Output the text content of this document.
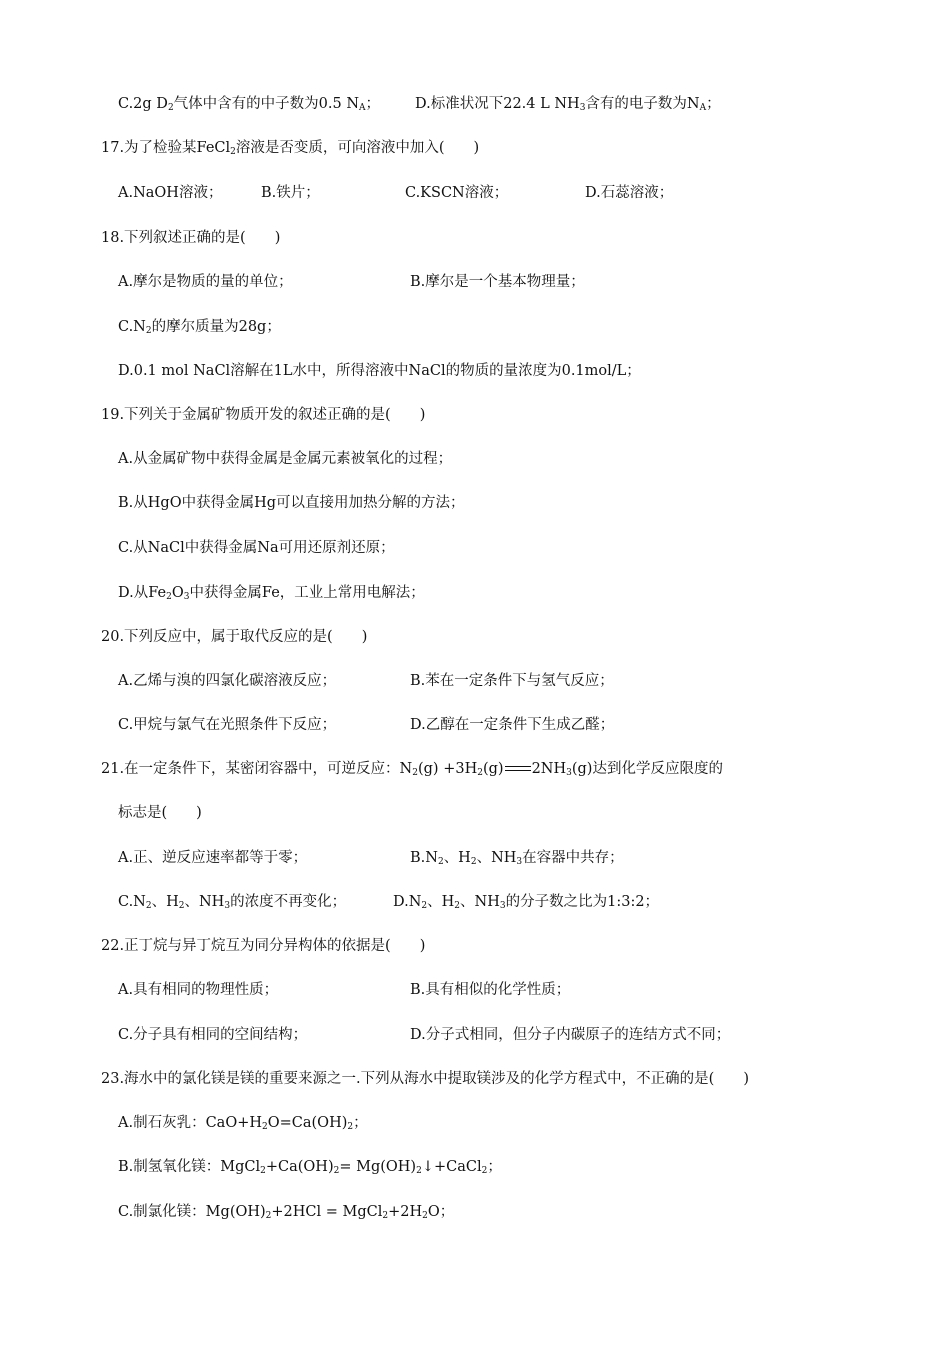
C.2g $D_2$气体中含有的中子数为0.5 $N_A$； D.标准状况下22.4 L $NH_3$含有的电子数为$N_A$；
17.为了检验某FeCl$_2$溶液是否变质，可向溶液中加入(　　)
A.NaOH溶液；	B.铁片；	C.KSCN溶液；	D.石蕊溶液；
18.下列叙述正确的是(　　)
A.摩尔是物质的量的单位；	B.摩尔是一个基本物理量；
$C.N_2$的摩尔质量为28g；
D.0.1 mol NaCl溶解在1L水中，所得溶液中NaCl的物质的量浓度为0.1mol/L；
19.下列关于金属矿物质开发的叙述正确的是(　　)
A.从金属矿物中获得金属是金属元素被氧化的过程；
B.从HgO中获得金属Hg可以直接用加热分解的方法；
C.从NaCl中获得金属Na可用还原剂还原；
D.从$Fe_2O_3$中获得金属Fe，工业上常用电解法；
20.下列反应中，属于取代反应的是(　　)
A.乙烯与溴的四氯化碳溶液反应；	B.苯在一定条件下与氢气反应；
C.甲烷与氯气在光照条件下反应；	D.乙醇在一定条件下生成乙醛；
21.在一定条件下，某密闭容器中，可逆反应：$N_2(g) +3H_2(g)$ $2NH_3(g)$达到化学反应限度的
标志是(　　)
A.正、逆反应速率都等于零；	$B.N_2$、$H_2$、$NH_3$在容器中共存；
$C.N_2$、$H_2$、$NH_3$的浓度不再变化；	$D.N_2$、$H_2$、$NH_3$的分子数之比为1:3:2；
22.正丁烷与异丁烷互为同分异构体的依据是(　　)
A.具有相同的物理性质；	B.具有相似的化学性质；
C.分子具有相同的空间结构；	D.分子式相同，但分子内碳原子的连结方式不同；
23.海水中的氯化镁是镁的重要来源之一.下列从海水中提取镁涉及的化学方程式中，不正确的是(　　)
A.制石灰乳：$CaO+H_2O=Ca(OH)_2$；
B.制氢氧化镁：$MgCl_2+Ca(OH)_2=$ $Mg(OH)_2↓+CaCl_2$；
C.制氯化镁：$Mg(OH)_2+2HCl$ = $MgCl_2+2H_2O$；
